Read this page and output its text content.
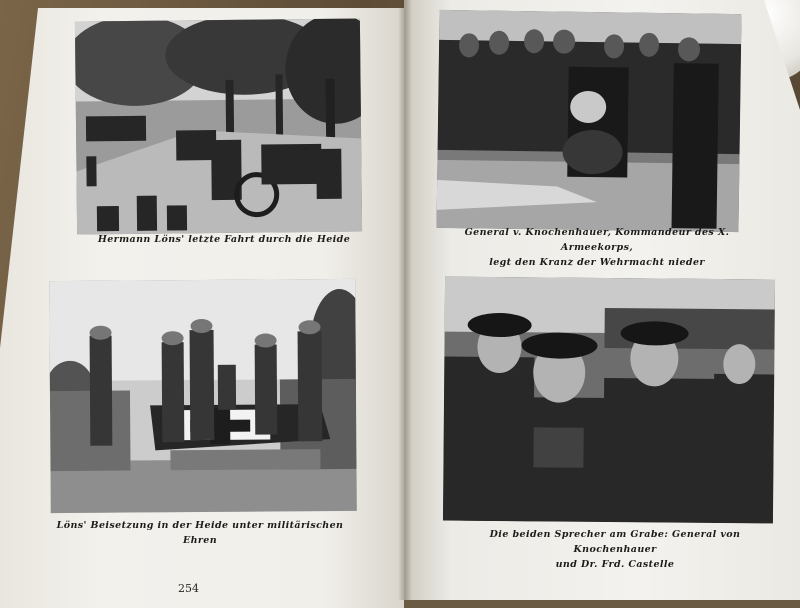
Hermann Löns' letzte Fahrt durch die Heide
Löns' Beisetzung in der Heide unter militärischen Ehren
254
General v. Knochenhauer, Kommandeur des X. Armeekorps,
legt den Kranz der Wehrmacht nieder
Die beiden Sprecher am Grabe: General von Knochenhauer
und Dr. Frd. Castelle
